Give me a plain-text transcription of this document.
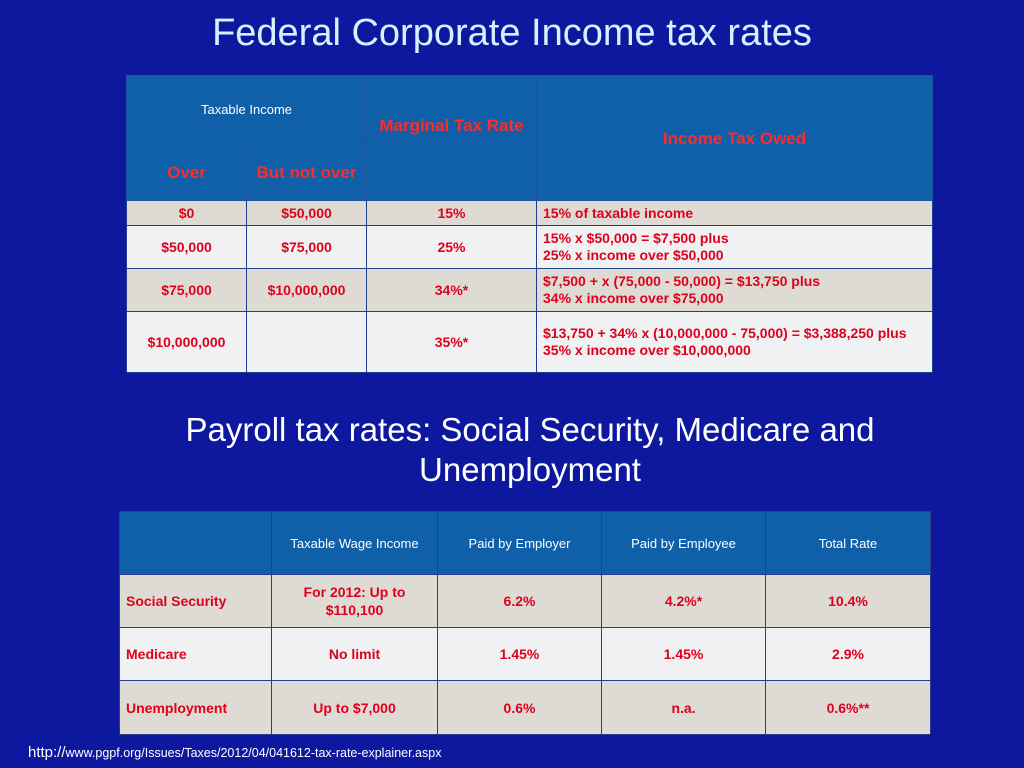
Federal Corporate Income tax rates
Taxable Income		Marginal Tax Rate	Income Tax Owed
Over	But not over		
$0	$50,000	15%	15% of taxable income

$50,000	$75,000	25%	15% x $50,000 = $7,500 plus
25% x income over $50,000

$75,000	$10,000,000	34%*	$7,500 + x (75,000 - 50,000) = $13,750 plus
34% x income over $75,000

$10,000,000		35%*	$13,750 + 34% x (10,000,000 - 75,000) = $3,388,250 plus
35% x income over $10,000,000
Payroll tax rates: Social Security, Medicare and Unemployment
	Taxable Wage Income	Paid by Employer	Paid by Employee	Total Rate
Social Security	For 2012: Up to $110,100	6.2%	4.2%*	10.4%
Medicare	No limit	1.45%	1.45%	2.9%
Unemployment	Up to $7,000	0.6%	n.a.	0.6%**
http://www.pgpf.org/Issues/Taxes/2012/04/041612-tax-rate-explainer.aspx
